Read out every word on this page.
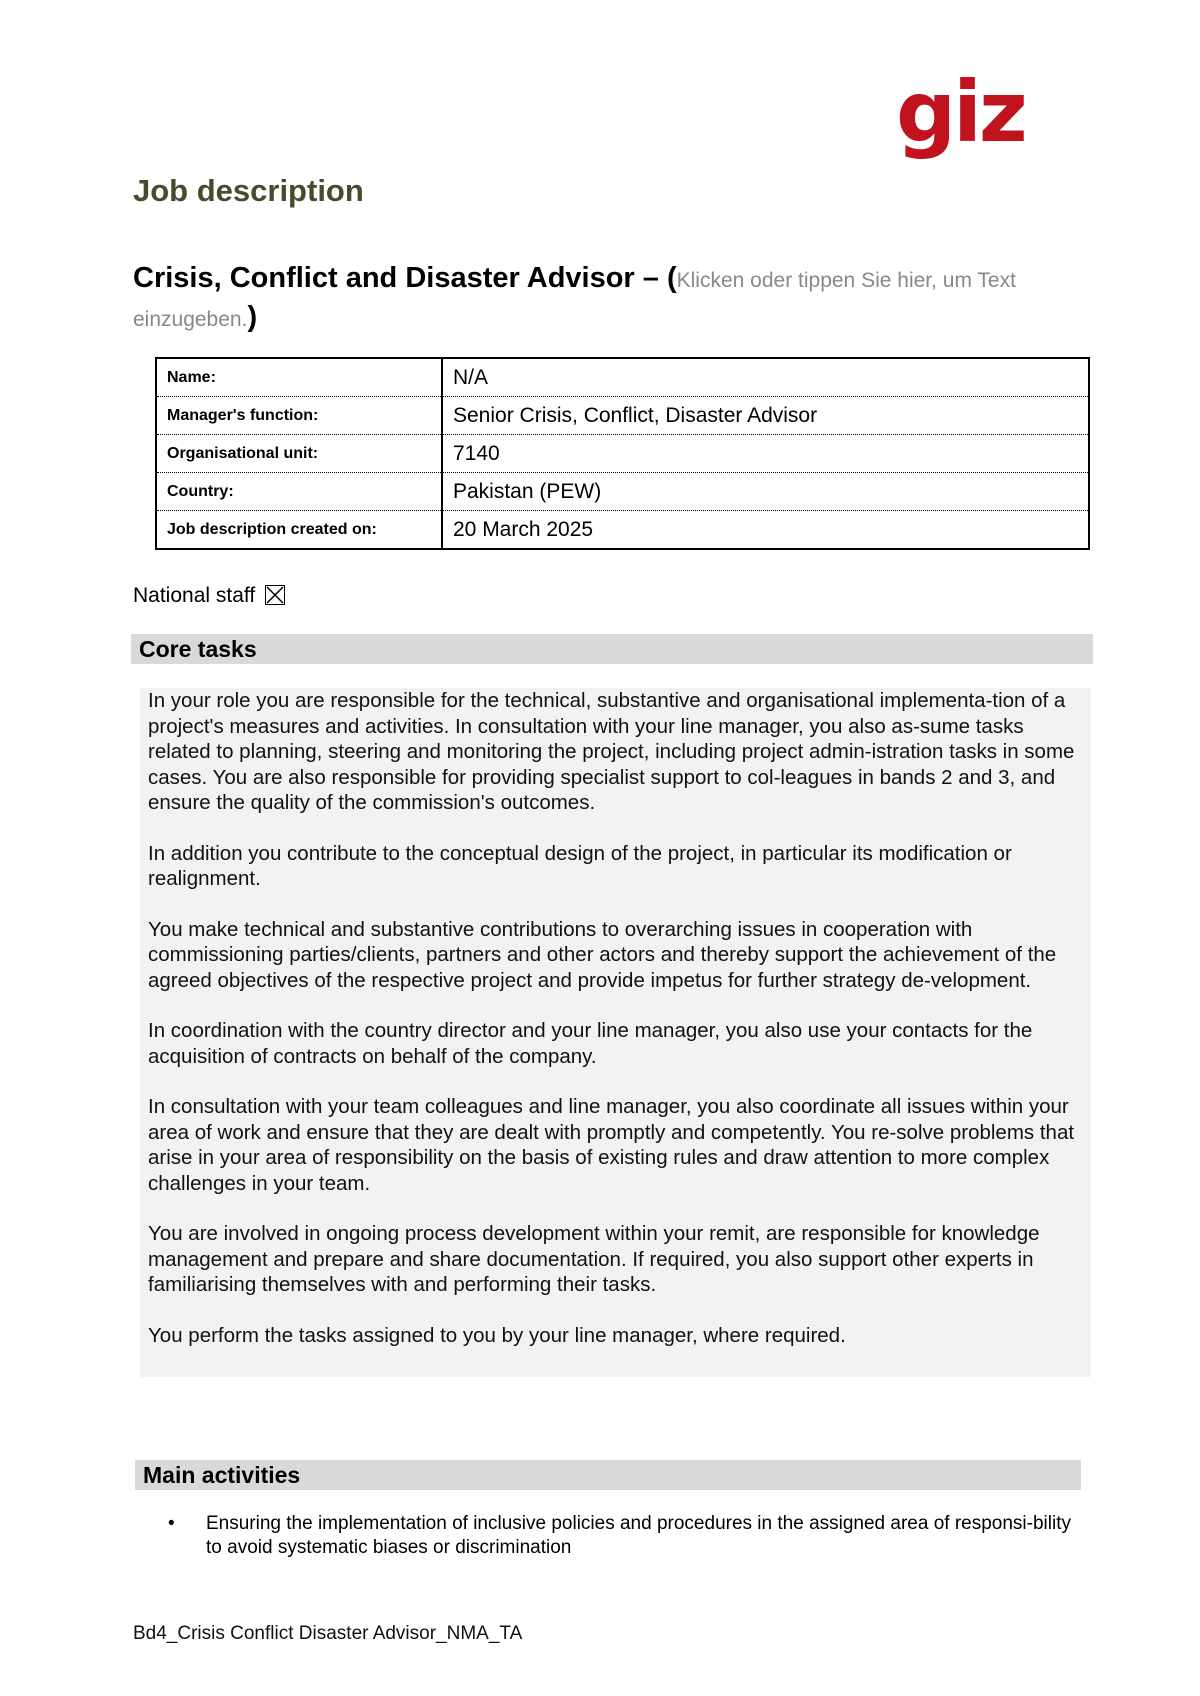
giz
Job description
Crisis, Conflict and Disaster Advisor – (Klicken oder tippen Sie hier, um Text einzugeben.)
Name:	N/A
Manager's function:	Senior Crisis, Conflict, Disaster Advisor
Organisational unit:	7140
Country:	Pakistan (PEW)
Job description created on:	20 March 2025
National staff
Core tasks

In your role you are responsible for the technical, substantive and organisational implementa-tion of a project's measures and activities. In consultation with your line manager, you also as-sume tasks related to planning, steering and monitoring the project, including project admin-istration tasks in some cases. You are also responsible for providing specialist support to col-leagues in bands 2 and 3, and ensure the quality of the commission's outcomes.

In addition you contribute to the conceptual design of the project, in particular its modification or realignment.

You make technical and substantive contributions to overarching issues in cooperation with commissioning parties/clients, partners and other actors and thereby support the achievement of the agreed objectives of the respective project and provide impetus for further strategy de-velopment.

In coordination with the country director and your line manager, you also use your contacts for the acquisition of contracts on behalf of the company.

In consultation with your team colleagues and line manager, you also coordinate all issues within your area of work and ensure that they are dealt with promptly and competently. You re-solve problems that arise in your area of responsibility on the basis of existing rules and draw attention to more complex challenges in your team.

You are involved in ongoing process development within your remit, are responsible for knowledge management and prepare and share documentation. If required, you also support other experts in familiarising themselves with and performing their tasks.

You perform the tasks assigned to you by your line manager, where required.

Main activities
• Ensuring the implementation of inclusive policies and procedures in the assigned area of responsi-bility to avoid systematic biases or discrimination
Bd4_Crisis Conflict Disaster Advisor_NMA_TA
